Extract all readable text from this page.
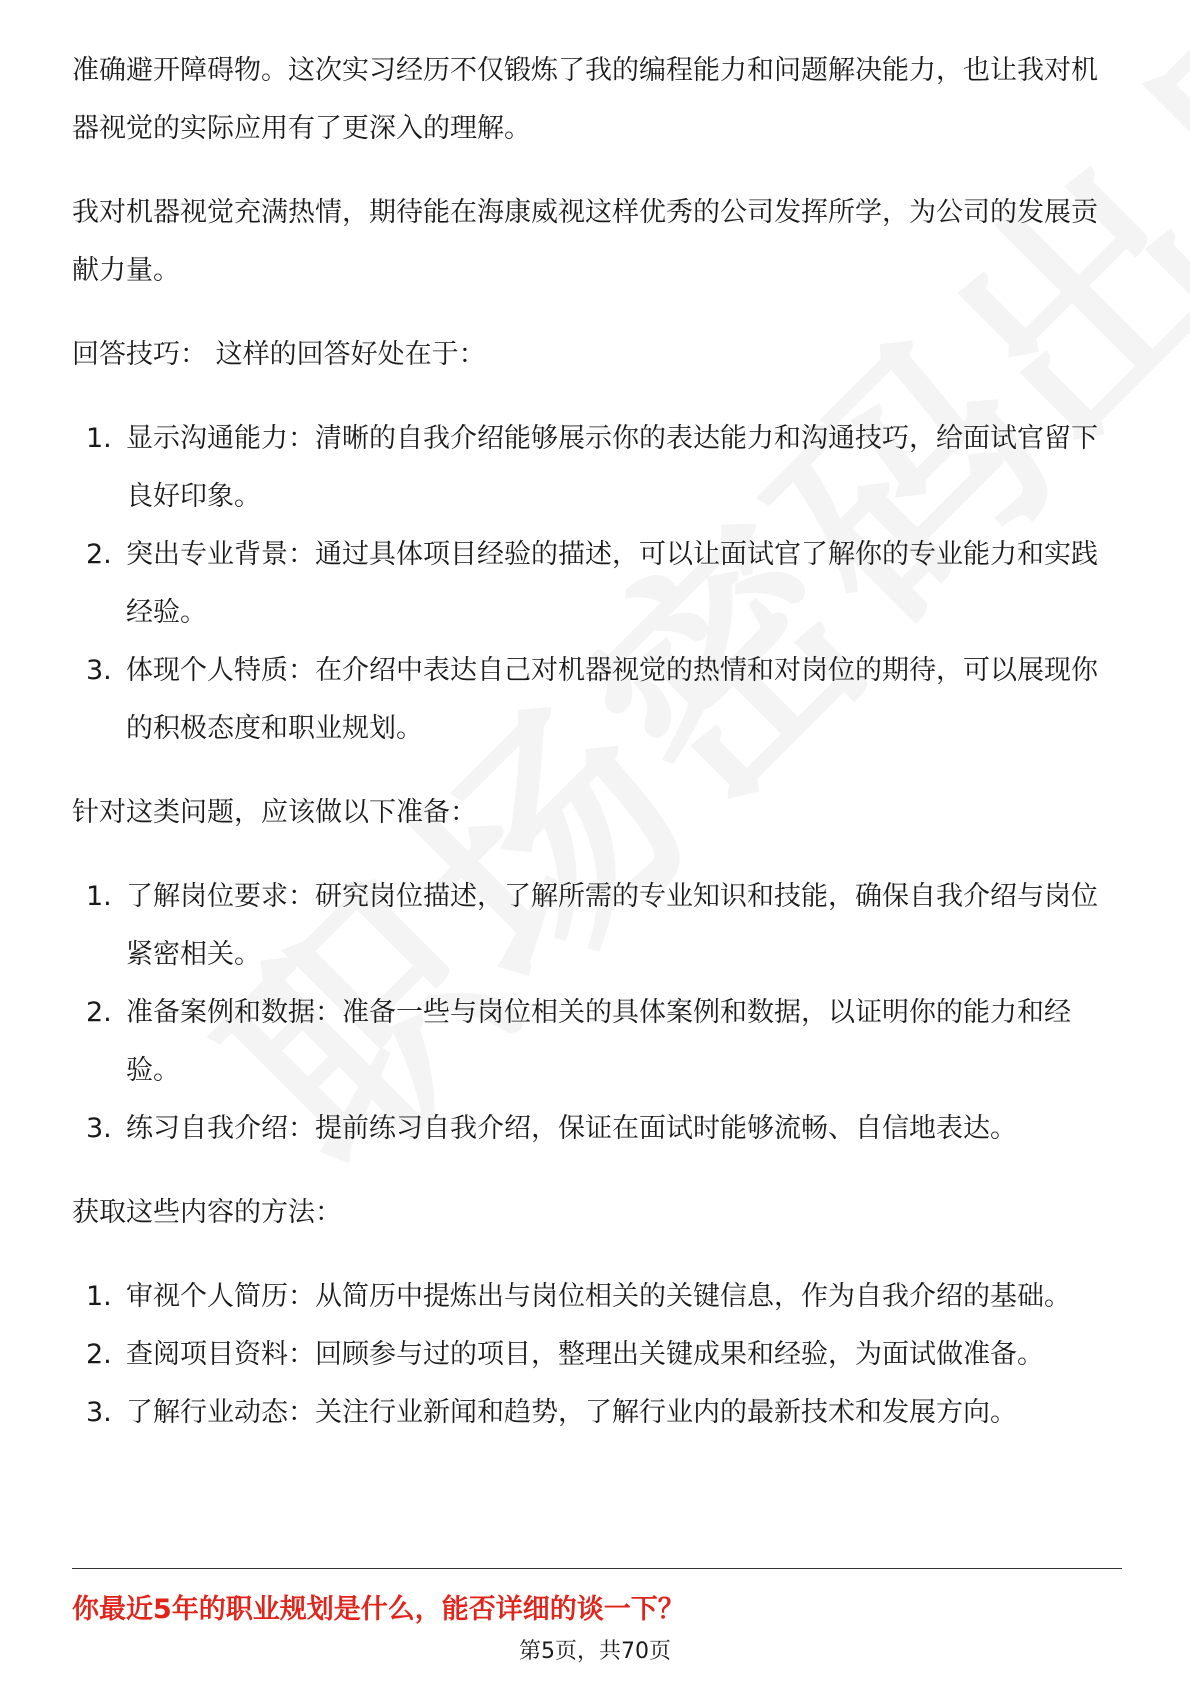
准确避开障碍物。这次实习经历不仅锻炼了我的编程能力和问题解决能力，也让我对机器视觉的实际应用有了更深入的理解。

我对机器视觉充满热情，期待能在海康威视这样优秀的公司发挥所学，为公司的发展贡献力量。

回答技巧： 这样的回答好处在于：

1. 显示沟通能力：清晰的自我介绍能够展示你的表达能力和沟通技巧，给面试官留下良好印象。
2. 突出专业背景：通过具体项目经验的描述，可以让面试官了解你的专业能力和实践经验。
3. 体现个人特质：在介绍中表达自己对机器视觉的热情和对岗位的期待，可以展现你的积极态度和职业规划。

针对这类问题，应该做以下准备：

1. 了解岗位要求：研究岗位描述，了解所需的专业知识和技能，确保自我介绍与岗位紧密相关。
2. 准备案例和数据：准备一些与岗位相关的具体案例和数据，以证明你的能力和经验。
3. 练习自我介绍：提前练习自我介绍，保证在面试时能够流畅、自信地表达。

获取这些内容的方法：

1. 审视个人简历：从简历中提炼出与岗位相关的关键信息，作为自我介绍的基础。
2. 查阅项目资料：回顾参与过的项目，整理出关键成果和经验，为面试做准备。
3. 了解行业动态：关注行业新闻和趋势，了解行业内的最新技术和发展方向。
你最近5年的职业规划是什么，能否详细的谈一下？
第5页，共70页
